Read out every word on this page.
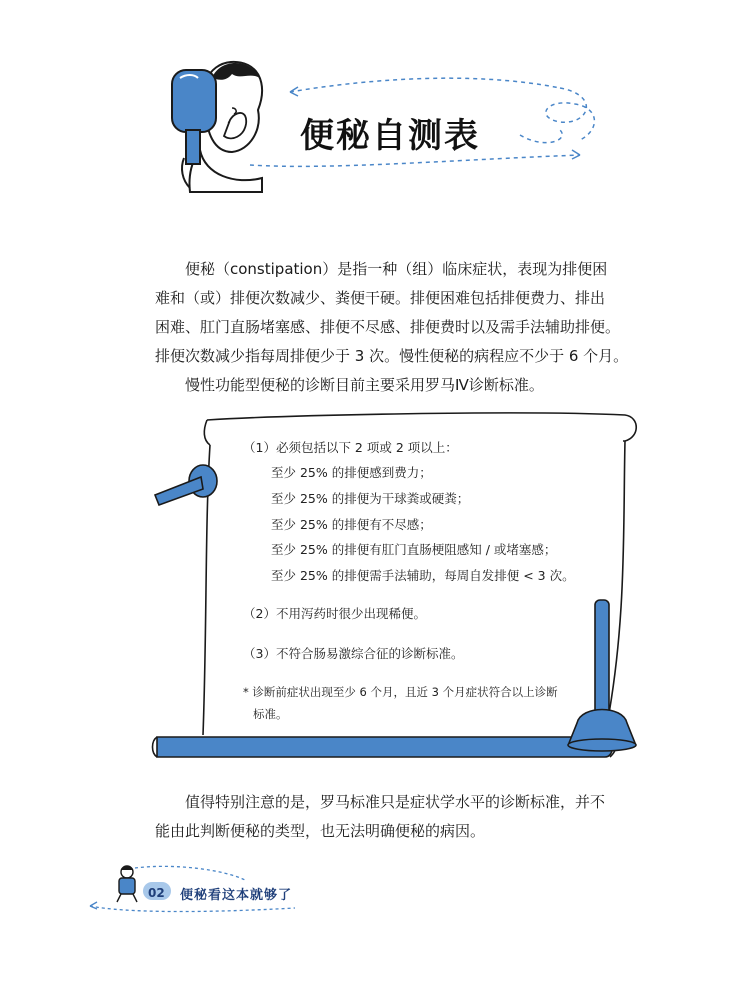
便秘自测表
　　便秘（constipation）是指一种（组）临床症状，表现为排便困
难和（或）排便次数减少、粪便干硬。排便困难包括排便费力、排出
困难、肛门直肠堵塞感、排便不尽感、排便费时以及需手法辅助排便。
排便次数减少指每周排便少于 3 次。慢性便秘的病程应不少于 6 个月。
　　慢性功能型便秘的诊断目前主要采用罗马Ⅳ诊断标准。
（1）必须包括以下 2 项或 2 项以上：
至少 25% 的排便感到费力；
至少 25% 的排便为干球粪或硬粪；
至少 25% 的排便有不尽感；
至少 25% 的排便有肛门直肠梗阻感知 / 或堵塞感；
至少 25% 的排便需手法辅助，每周自发排便 < 3 次。
（2）不用泻药时很少出现稀便。
（3）不符合肠易激综合征的诊断标准。
* 诊断前症状出现至少 6 个月，且近 3 个月症状符合以上诊断
标准。
　　值得特别注意的是，罗马标准只是症状学水平的诊断标准，并不
能由此判断便秘的类型，也无法明确便秘的病因。
02 便秘看这本就够了
